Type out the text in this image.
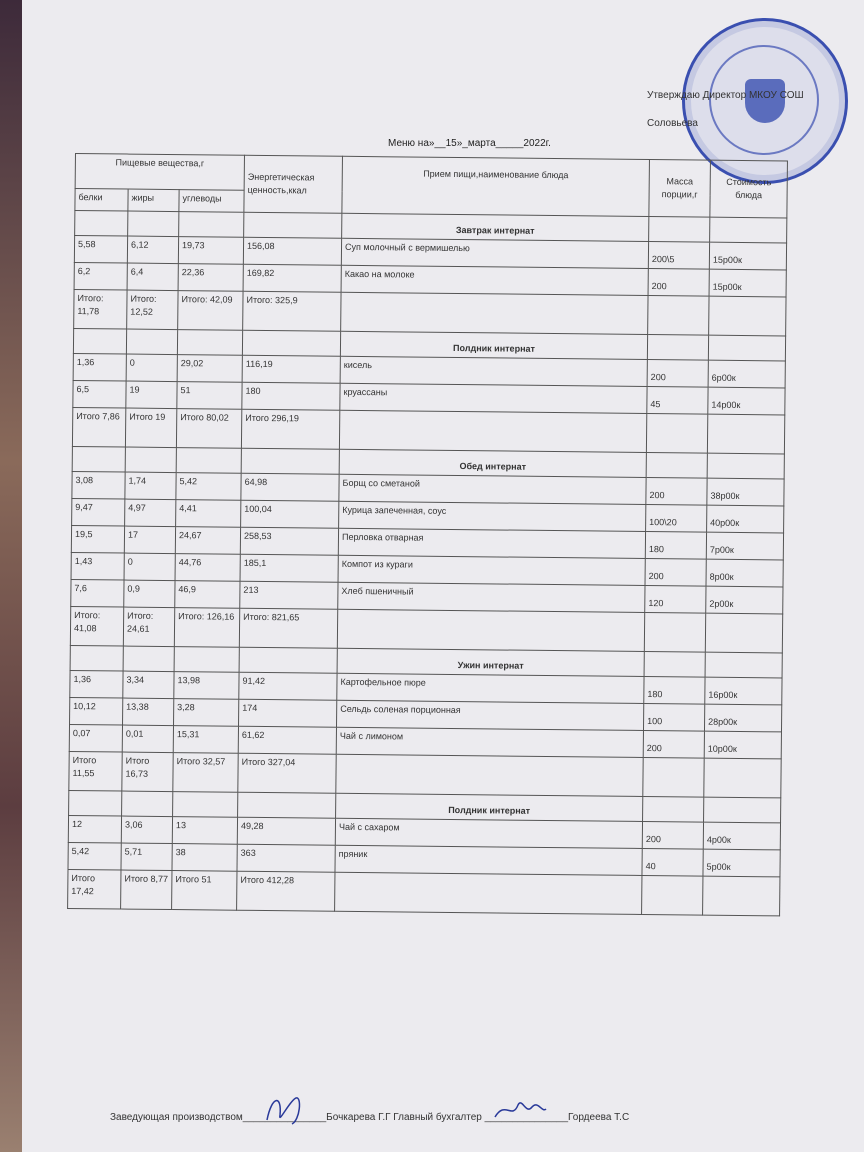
Утверждаю Директор МКОУ СОШ
Соловьева
Меню на»__15»_марта_____2022г.
Пищевые вещества,г			Энергетическая ценность,ккал	Прием пищи,наименование блюда	Масса порции,г	Стоимость блюда
белки	жиры	углеводы				
				Завтрак интернат		
5,58	6,12	19,73	156,08	Суп молочный с вермишелью	200\5	15р00к
6,2	6,4	22,36	169,82	Какао на молоке	200	15р00к
Итого: 11,78	Итого: 12,52	Итого: 42,09	Итого: 325,9			
				Полдник интернат		
1,36	0	29,02	116,19	кисель	200	6р00к
6,5	19	51	180	круассаны	45	14р00к
Итого 7,86	Итого 19	Итого 80,02	Итого 296,19			
				Обед интернат		
3,08	1,74	5,42	64,98	Борщ со сметаной	200	38р00к
9,47	4,97	4,41	100,04	Курица запеченная, соус	100\20	40р00к
19,5	17	24,67	258,53	Перловка отварная	180	7р00к
1,43	0	44,76	185,1	Компот из кураги	200	8р00к
7,6	0,9	46,9	213	Хлеб пшеничный	120	2р00к
Итого: 41,08	Итого: 24,61	Итого: 126,16	Итого: 821,65			
				Ужин интернат		
1,36	3,34	13,98	91,42	Картофельное пюре	180	16р00к
10,12	13,38	3,28	174	Сельдь соленая порционная	100	28р00к
0,07	0,01	15,31	61,62	Чай с лимоном	200	10р00к
Итого 11,55	Итого 16,73	Итого 32,57	Итого 327,04			
				Полдник интернат		
12	3,06	13	49,28	Чай с сахаром	200	4р00к
5,42	5,71	38	363	пряник	40	5р00к
Итого 17,42	Итого 8,77	Итого 51	Итого 412,28			
Заведующая производством_______________Бочкарева Г.Г Главный бухгалтер _______________Гордеева Т.С
